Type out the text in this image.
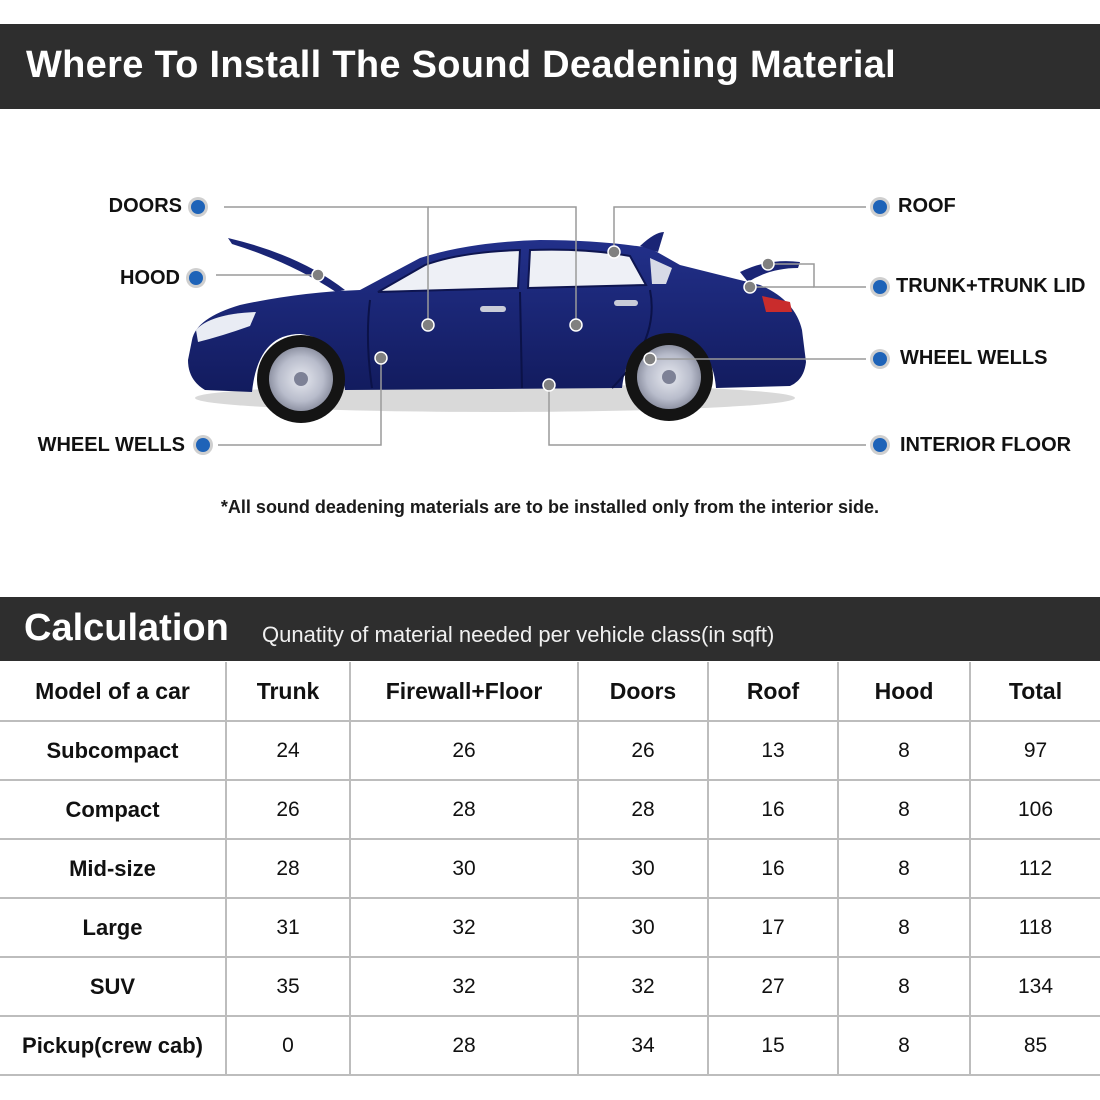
Where To Install The Sound Deadening Material
DOORS
HOOD
WHEEL WELLS
ROOF
TRUNK+TRUNK LID
WHEEL WELLS
INTERIOR FLOOR
*All sound deadening materials are to be installed only from the interior side.
Calculation Qunatity of material needed per vehicle class(in sqft)
Model of a car	Trunk	Firewall+Floor	Doors	Roof	Hood	Total
Subcompact	24	26	26	13	8	97
Compact	26	28	28	16	8	106
Mid-size	28	30	30	16	8	112
Large	31	32	30	17	8	118
SUV	35	32	32	27	8	134
Pickup(crew cab)	0	28	34	15	8	85
